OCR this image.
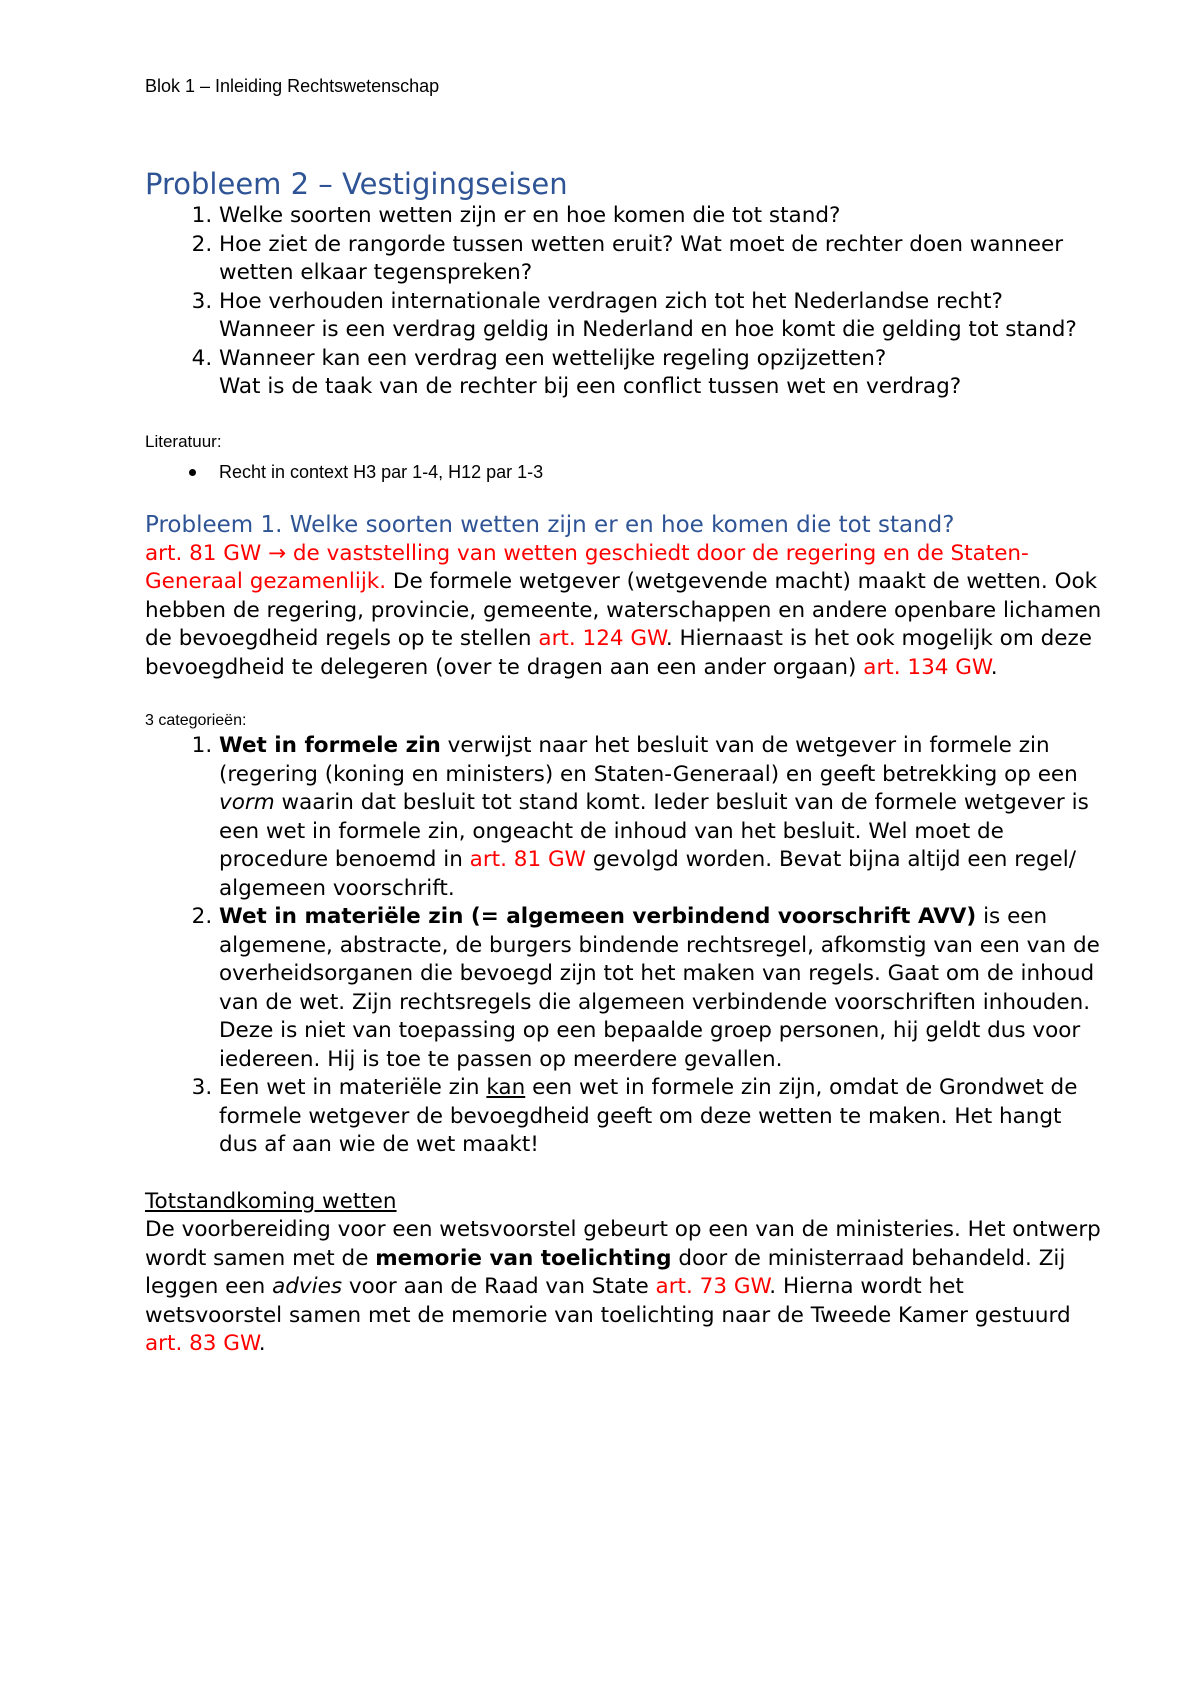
Blok 1 – Inleiding Rechtswetenschap
Probleem 2 – Vestigingseisen
1. Welke soorten wetten zijn er en hoe komen die tot stand?
2. Hoe ziet de rangorde tussen wetten eruit? Wat moet de rechter doen wanneer wetten elkaar tegenspreken?
3. Hoe verhouden internationale verdragen zich tot het Nederlandse recht?
Wanneer is een verdrag geldig in Nederland en hoe komt die gelding tot stand?
4. Wanneer kan een verdrag een wettelijke regeling opzijzetten?
Wat is de taak van de rechter bij een conflict tussen wet en verdrag?
Literatuur:
Recht in context H3 par 1-4, H12 par 1-3
Probleem 1. Welke soorten wetten zijn er en hoe komen die tot stand?

art. 81 GW → de vaststelling van wetten geschiedt door de regering en de Staten-Generaal gezamenlijk. De formele wetgever (wetgevende macht) maakt de wetten. Ook hebben de regering, provincie, gemeente, waterschappen en andere openbare lichamen de bevoegdheid regels op te stellen art. 124 GW. Hiernaast is het ook mogelijk om deze bevoegdheid te delegeren (over te dragen aan een ander orgaan) art. 134 GW.

3 categorieën:
1. Wet in formele zin verwijst naar het besluit van de wetgever in formele zin (regering (koning en ministers) en Staten-Generaal) en geeft betrekking op een vorm waarin dat besluit tot stand komt. Ieder besluit van de formele wetgever is een wet in formele zin, ongeacht de inhoud van het besluit. Wel moet de procedure benoemd in art. 81 GW gevolgd worden. Bevat bijna altijd een regel/ algemeen voorschrift.
2. Wet in materiële zin (= algemeen verbindend voorschrift AVV) is een algemene, abstracte, de burgers bindende rechtsregel, afkomstig van een van de overheidsorganen die bevoegd zijn tot het maken van regels. Gaat om de inhoud van de wet. Zijn rechtsregels die algemeen verbindende voorschriften inhouden. Deze is niet van toepassing op een bepaalde groep personen, hij geldt dus voor iedereen. Hij is toe te passen op meerdere gevallen.
3. Een wet in materiële zin kan een wet in formele zin zijn, omdat de Grondwet de formele wetgever de bevoegdheid geeft om deze wetten te maken. Het hangt dus af aan wie de wet maakt!
Totstandkoming wetten

De voorbereiding voor een wetsvoorstel gebeurt op een van de ministeries. Het ontwerp wordt samen met de memorie van toelichting door de ministerraad behandeld. Zij leggen een advies voor aan de Raad van State art. 73 GW. Hierna wordt het wetsvoorstel samen met de memorie van toelichting naar de Tweede Kamer gestuurd art. 83 GW.
